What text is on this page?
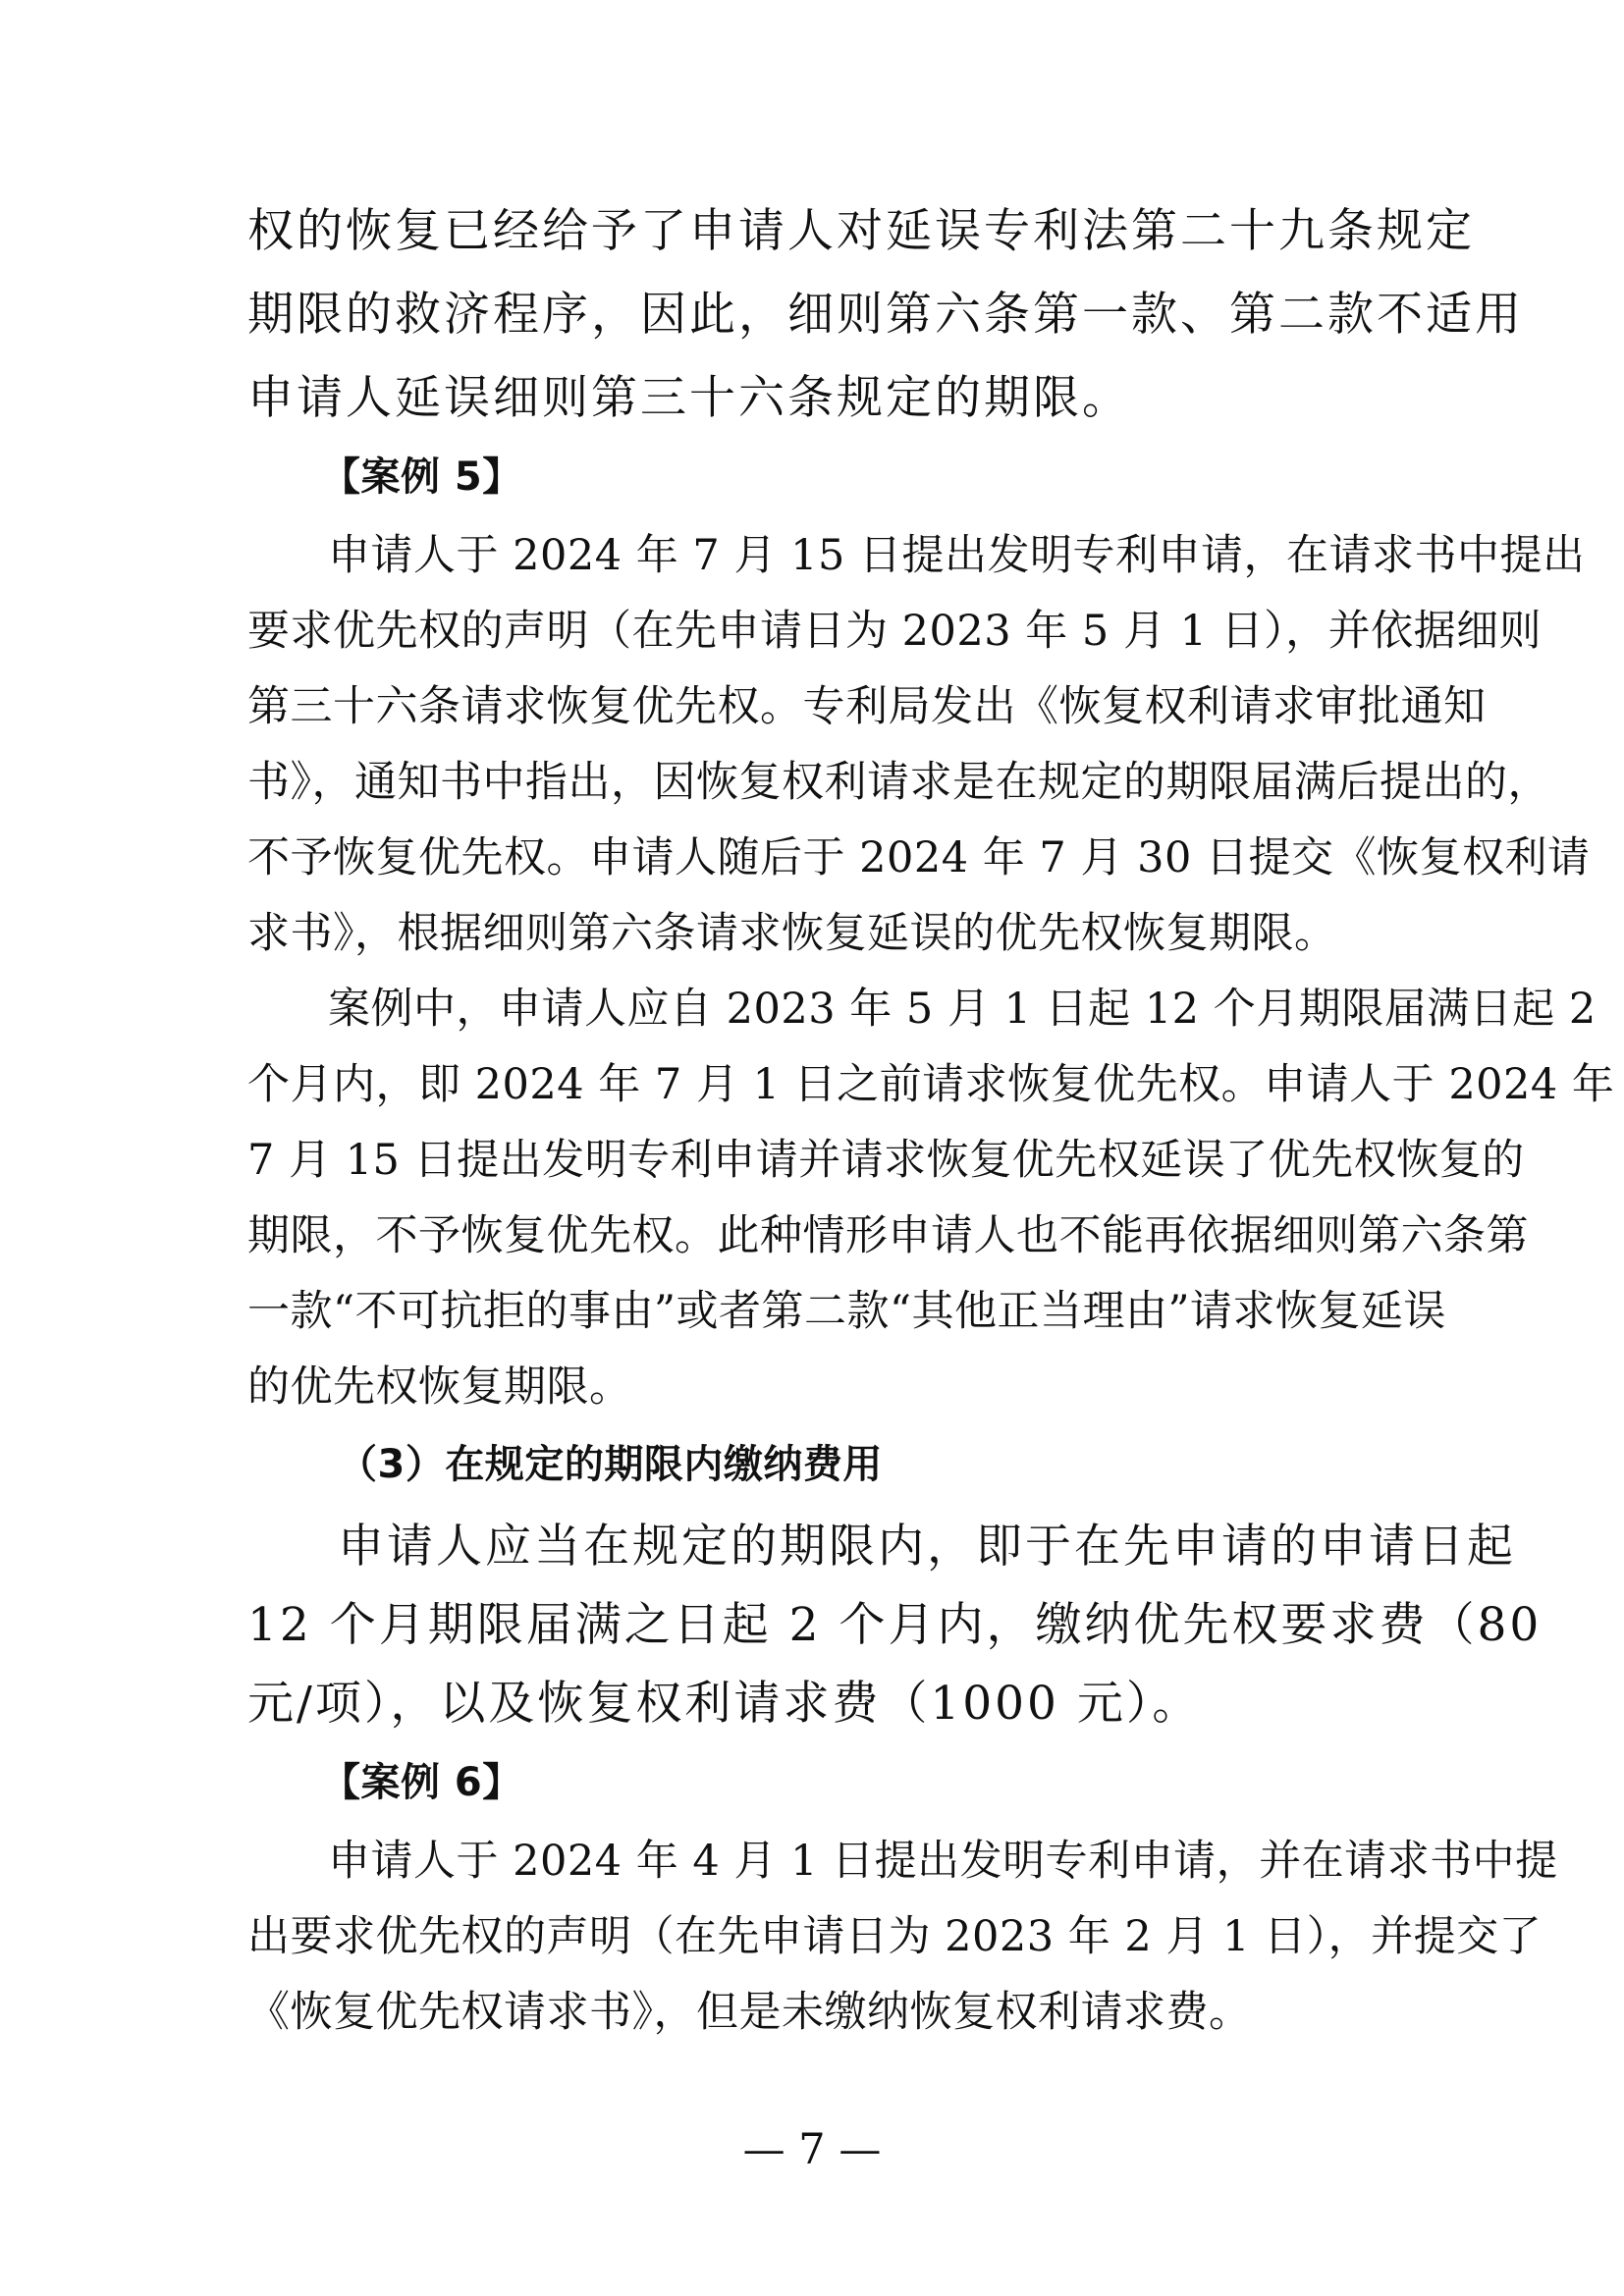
权的恢复已经给予了申请人对延误专利法第二十九条规定
期限的救济程序，因此，细则第六条第一款、第二款不适用
申请人延误细则第三十六条规定的期限。
【案例 5】
申请人于 2024 年 7 月 15 日提出发明专利申请，在请求书中提出
要求优先权的声明（在先申请日为 2023 年 5 月 1 日），并依据细则
第三十六条请求恢复优先权。专利局发出《恢复权利请求审批通知
书》，通知书中指出，因恢复权利请求是在规定的期限届满后提出的，
不予恢复优先权。申请人随后于 2024 年 7 月 30 日提交《恢复权利请
求书》，根据细则第六条请求恢复延误的优先权恢复期限。
案例中，申请人应自 2023 年 5 月 1 日起 12 个月期限届满日起 2
个月内，即 2024 年 7 月 1 日之前请求恢复优先权。申请人于 2024 年
7 月 15 日提出发明专利申请并请求恢复优先权延误了优先权恢复的
期限，不予恢复优先权。此种情形申请人也不能再依据细则第六条第
一款“不可抗拒的事由”或者第二款“其他正当理由”请求恢复延误
的优先权恢复期限。
（3）在规定的期限内缴纳费用
申请人应当在规定的期限内，即于在先申请的申请日起
12 个月期限届满之日起 2 个月内，缴纳优先权要求费（80
元/项），以及恢复权利请求费（1000 元）。
【案例 6】
申请人于 2024 年 4 月 1 日提出发明专利申请，并在请求书中提
出要求优先权的声明（在先申请日为 2023 年 2 月 1 日），并提交了
《恢复优先权请求书》，但是未缴纳恢复权利请求费。
— 7 —
